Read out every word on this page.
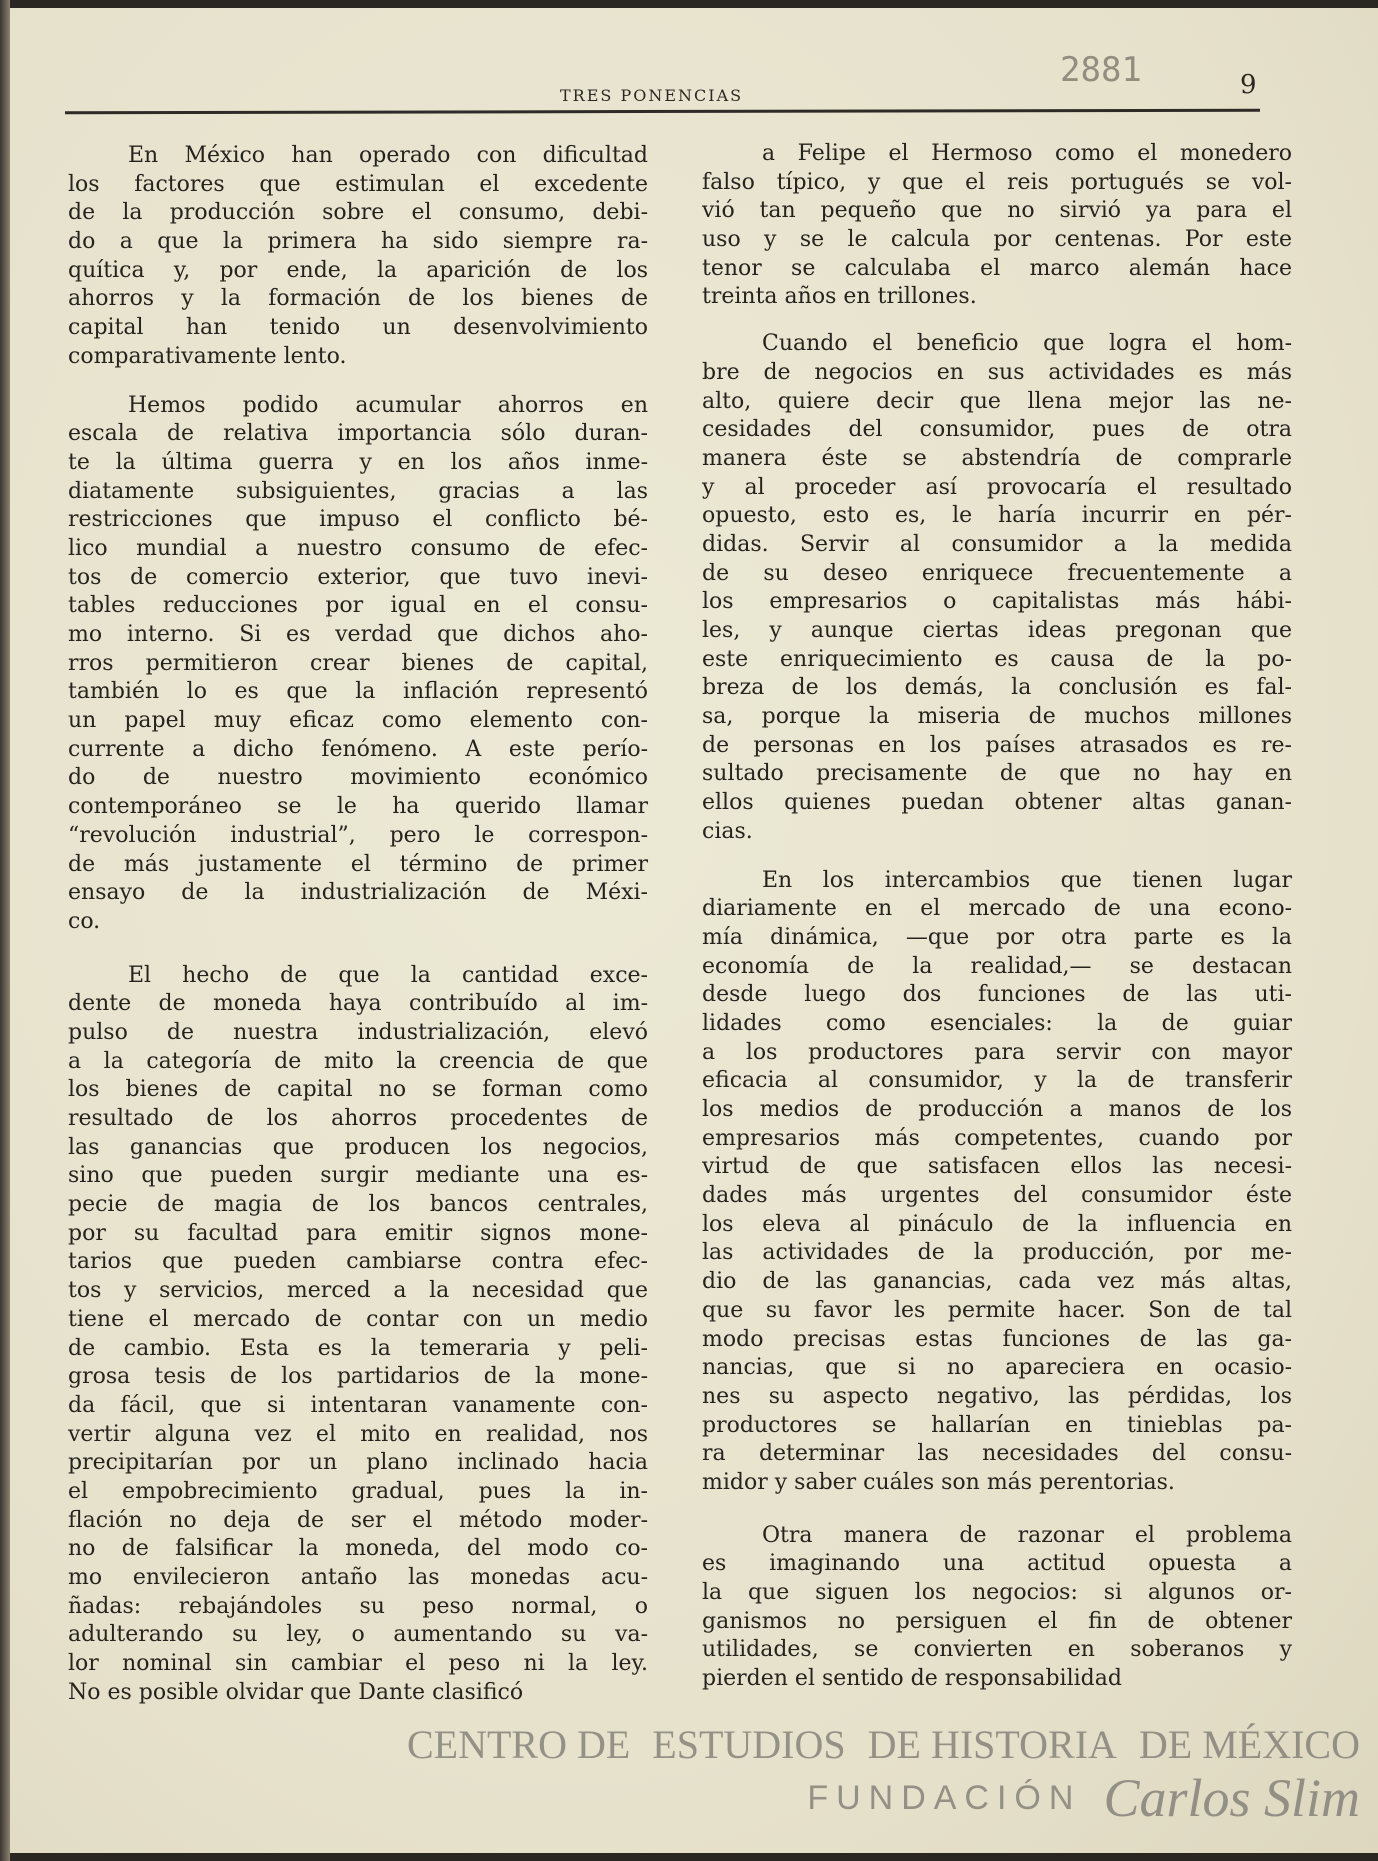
TRES PONENCIAS	9
En México han operado con dificultad
los factores que estimulan el excedente
de la producción sobre el consumo, debi-
do a que la primera ha sido siempre ra-
quítica y, por ende, la aparición de los
ahorros y la formación de los bienes de
capital han tenido un desenvolvimiento
comparativamente lento.
Hemos podido acumular ahorros en
escala de relativa importancia sólo duran-
te la última guerra y en los años inme-
diatamente subsiguientes, gracias a las
restricciones que impuso el conflicto bé-
lico mundial a nuestro consumo de efec-
tos de comercio exterior, que tuvo inevi-
tables reducciones por igual en el consu-
mo interno. Si es verdad que dichos aho-
rros permitieron crear bienes de capital,
también lo es que la inflación representó
un papel muy eficaz como elemento con-
currente a dicho fenómeno. A este perío-
do de nuestro movimiento económico
contemporáneo se le ha querido llamar
“revolución industrial”, pero le correspon-
de más justamente el término de primer
ensayo de la industrialización de Méxi-
co.
El hecho de que la cantidad exce-
dente de moneda haya contribuído al im-
pulso de nuestra industrialización, elevó
a la categoría de mito la creencia de que
los bienes de capital no se forman como
resultado de los ahorros procedentes de
las ganancias que producen los negocios,
sino que pueden surgir mediante una es-
pecie de magia de los bancos centrales,
por su facultad para emitir signos mone-
tarios que pueden cambiarse contra efec-
tos y servicios, merced a la necesidad que
tiene el mercado de contar con un medio
de cambio. Esta es la temeraria y peli-
grosa tesis de los partidarios de la mone-
da fácil, que si intentaran vanamente con-
vertir alguna vez el mito en realidad, nos
precipitarían por un plano inclinado hacia
el empobrecimiento gradual, pues la in-
flación no deja de ser el método moder-
no de falsificar la moneda, del modo co-
mo envilecieron antaño las monedas acu-
ñadas: rebajándoles su peso normal, o
adulterando su ley, o aumentando su va-
lor nominal sin cambiar el peso ni la ley.
No es posible olvidar que Dante clasificó
a Felipe el Hermoso como el monedero
falso típico, y que el reis portugués se vol-
vió tan pequeño que no sirvió ya para el
uso y se le calcula por centenas. Por este
tenor se calculaba el marco alemán hace
treinta años en trillones.
Cuando el beneficio que logra el hom-
bre de negocios en sus actividades es más
alto, quiere decir que llena mejor las ne-
cesidades del consumidor, pues de otra
manera éste se abstendría de comprarle
y al proceder así provocaría el resultado
opuesto, esto es, le haría incurrir en pér-
didas. Servir al consumidor a la medida
de su deseo enriquece frecuentemente a
los empresarios o capitalistas más hábi-
les, y aunque ciertas ideas pregonan que
este enriquecimiento es causa de la po-
breza de los demás, la conclusión es fal-
sa, porque la miseria de muchos millones
de personas en los países atrasados es re-
sultado precisamente de que no hay en
ellos quienes puedan obtener altas ganan-
cias.
En los intercambios que tienen lugar
diariamente en el mercado de una econo-
mía dinámica, —que por otra parte es la
economía de la realidad,— se destacan
desde luego dos funciones de las uti-
lidades como esenciales: la de guiar
a los productores para servir con mayor
eficacia al consumidor, y la de transferir
los medios de producción a manos de los
empresarios más competentes, cuando por
virtud de que satisfacen ellos las necesi-
dades más urgentes del consumidor éste
los eleva al pináculo de la influencia en
las actividades de la producción, por me-
dio de las ganancias, cada vez más altas,
que su favor les permite hacer. Son de tal
modo precisas estas funciones de las ga-
nancias, que si no apareciera en ocasio-
nes su aspecto negativo, las pérdidas, los
productores se hallarían en tinieblas pa-
ra determinar las necesidades del consu-
midor y saber cuáles son más perentorias.
Otra manera de razonar el problema
es imaginando una actitud opuesta a
la que siguen los negocios: si algunos or-
ganismos no persiguen el fin de obtener
utilidades, se convierten en soberanos y
pierden el sentido de responsabilidad
2881
CENTRO DE ESTUDIOS DE HISTORIA DE MÉXICO
FUNDACIÓN Carlos Slim
